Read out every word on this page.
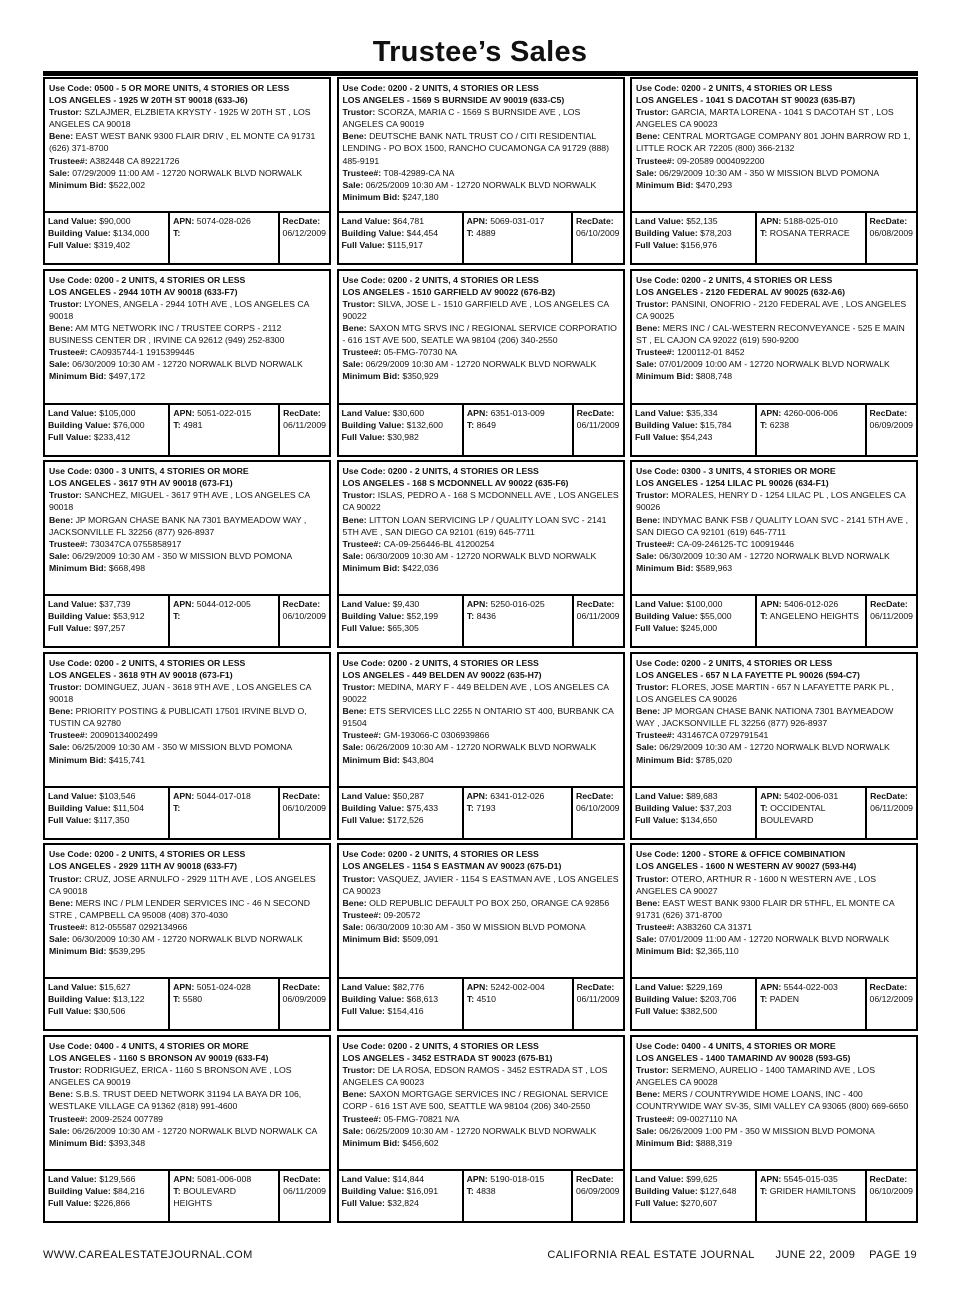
Trustee’s Sales
Use Code: 0500 - 5 OR MORE UNITS, 4 STORIES OR LESS
LOS ANGELES - 1925 W 20TH ST 90018 (633-J6)
Trustor: SZLAJMER, ELZBIETA KRYSTY - 1925 W 20TH ST , LOS ANGELES CA 90018
Bene: EAST WEST BANK 9300 FLAIR DRIV , EL MONTE CA 91731 (626) 371-8700
Trustee#: A382448 CA 89221726
Sale: 07/29/2009 11:00 AM - 12720 NORWALK BLVD NORWALK
Minimum Bid: $522,002
Land Value: $90,000
Building Value: $134,000
Full Value: $319,402
APN: 5074-028-026
T:
RecDate:
06/12/2009
Use Code: 0200 - 2 UNITS, 4 STORIES OR LESS
LOS ANGELES - 1569 S BURNSIDE AV 90019 (633-C5)
Trustor: SCORZA, MARIA C - 1569 S BURNSIDE AVE , LOS ANGELES CA 90019
Bene: DEUTSCHE BANK NATL TRUST CO / CITI RESIDENTIAL LENDING - PO BOX 1500, RANCHO CUCAMONGA CA 91729 (888) 485-9191
Trustee#: T08-42989-CA NA
Sale: 06/25/2009 10:30 AM - 12720 NORWALK BLVD NORWALK
Minimum Bid: $247,180
Land Value: $64,781
Building Value: $44,454
Full Value: $115,917
APN: 5069-031-017
T: 4889
RecDate:
06/10/2009
Use Code: 0200 - 2 UNITS, 4 STORIES OR LESS
LOS ANGELES - 1041 S DACOTAH ST 90023 (635-B7)
Trustor: GARCIA, MARTA LORENA - 1041 S DACOTAH ST , LOS ANGELES CA 90023
Bene: CENTRAL MORTGAGE COMPANY 801 JOHN BARROW RD 1, LITTLE ROCK AR 72205 (800) 366-2132
Trustee#: 09-20589 0004092200
Sale: 06/29/2009 10:30 AM - 350 W MISSION BLVD POMONA
Minimum Bid: $470,293
Land Value: $52,135
Building Value: $78,203
Full Value: $156,976
APN: 5188-025-010
T: ROSANA TERRACE
RecDate:
06/08/2009
Use Code: 0200 - 2 UNITS, 4 STORIES OR LESS
LOS ANGELES - 2944 10TH AV 90018 (633-F7)
Trustor: LYONES, ANGELA - 2944 10TH AVE , LOS ANGELES CA 90018
Bene: AM MTG NETWORK INC / TRUSTEE CORPS - 2112 BUSINESS CENTER DR , IRVINE CA 92612 (949) 252-8300
Trustee#: CA0935744-1 1915399445
Sale: 06/30/2009 10:30 AM - 12720 NORWALK BLVD NORWALK
Minimum Bid: $497,172
Land Value: $105,000
Building Value: $76,000
Full Value: $233,412
APN: 5051-022-015
T: 4981
RecDate:
06/11/2009
Use Code: 0200 - 2 UNITS, 4 STORIES OR LESS
LOS ANGELES - 1510 GARFIELD AV 90022 (676-B2)
Trustor: SILVA, JOSE L - 1510 GARFIELD AVE , LOS ANGELES CA 90022
Bene: SAXON MTG SRVS INC / REGIONAL SERVICE CORPORATIO - 616 1ST AVE 500, SEATLE WA 98104 (206) 340-2550
Trustee#: 05-FMG-70730 NA
Sale: 06/29/2009 10:30 AM - 12720 NORWALK BLVD NORWALK
Minimum Bid: $350,929
Land Value: $30,600
Building Value: $132,600
Full Value: $30,982
APN: 6351-013-009
T: 8649
RecDate:
06/11/2009
Use Code: 0200 - 2 UNITS, 4 STORIES OR LESS
LOS ANGELES - 2120 FEDERAL AV 90025 (632-A6)
Trustor: PANSINI, ONOFRIO - 2120 FEDERAL AVE , LOS ANGELES CA 90025
Bene: MERS INC / CAL-WESTERN RECONVEYANCE - 525 E MAIN ST , EL CAJON CA 92022 (619) 590-9200
Trustee#: 1200112-01 8452
Sale: 07/01/2009 10:00 AM - 12720 NORWALK BLVD NORWALK
Minimum Bid: $808,748
Land Value: $35,334
Building Value: $15,784
Full Value: $54,243
APN: 4260-006-006
T: 6238
RecDate:
06/09/2009
Use Code: 0300 - 3 UNITS, 4 STORIES OR MORE
LOS ANGELES - 3617 9TH AV 90018 (673-F1)
Trustor: SANCHEZ, MIGUEL - 3617 9TH AVE , LOS ANGELES CA 90018
Bene: JP MORGAN CHASE BANK NA 7301 BAYMEADOW WAY , JACKSONVILLE FL 32256 (877) 926-8937
Trustee#: 730347CA 0755858917
Sale: 06/29/2009 10:30 AM - 350 W MISSION BLVD POMONA
Minimum Bid: $668,498
Land Value: $37,739
Building Value: $53,912
Full Value: $97,257
APN: 5044-012-005
T:
RecDate:
06/10/2009
Use Code: 0200 - 2 UNITS, 4 STORIES OR LESS
LOS ANGELES - 168 S MCDONNELL AV 90022 (635-F6)
Trustor: ISLAS, PEDRO A - 168 S MCDONNELL AVE , LOS ANGELES CA 90022
Bene: LITTON LOAN SERVICING LP / QUALITY LOAN SVC - 2141 5TH AVE , SAN DIEGO CA 92101 (619) 645-7711
Trustee#: CA-09-256446-BL 41200254
Sale: 06/30/2009 10:30 AM - 12720 NORWALK BLVD NORWALK
Minimum Bid: $422,036
Land Value: $9,430
Building Value: $52,199
Full Value: $65,305
APN: 5250-016-025
T: 8436
RecDate:
06/11/2009
Use Code: 0300 - 3 UNITS, 4 STORIES OR MORE
LOS ANGELES - 1254 LILAC PL 90026 (634-F1)
Trustor: MORALES, HENRY D - 1254 LILAC PL , LOS ANGELES CA 90026
Bene: INDYMAC BANK FSB / QUALITY LOAN SVC - 2141 5TH AVE , SAN DIEGO CA 92101 (619) 645-7711
Trustee#: CA-09-246125-TC 100919446
Sale: 06/30/2009 10:30 AM - 12720 NORWALK BLVD NORWALK
Minimum Bid: $589,963
Land Value: $100,000
Building Value: $55,000
Full Value: $245,000
APN: 5406-012-026
T: ANGELENO HEIGHTS
RecDate:
06/11/2009
Use Code: 0200 - 2 UNITS, 4 STORIES OR LESS
LOS ANGELES - 3618 9TH AV 90018 (673-F1)
Trustor: DOMINGUEZ, JUAN - 3618 9TH AVE , LOS ANGELES CA 90018
Bene: PRIORITY POSTING & PUBLICATI 17501 IRVINE BLVD O, TUSTIN CA 92780
Trustee#: 20090134002499
Sale: 06/25/2009 10:30 AM - 350 W MISSION BLVD POMONA
Minimum Bid: $415,741
Land Value: $103,546
Building Value: $11,504
Full Value: $117,350
APN: 5044-017-018
T:
RecDate:
06/10/2009
Use Code: 0200 - 2 UNITS, 4 STORIES OR LESS
LOS ANGELES - 449 BELDEN AV 90022 (635-H7)
Trustor: MEDINA, MARY F - 449 BELDEN AVE , LOS ANGELES CA 90022
Bene: ETS SERVICES LLC 2255 N ONTARIO ST 400, BURBANK CA 91504
Trustee#: GM-193066-C 0306939866
Sale: 06/26/2009 10:30 AM - 12720 NORWALK BLVD NORWALK
Minimum Bid: $43,804
Land Value: $50,287
Building Value: $75,433
Full Value: $172,526
APN: 6341-012-026
T: 7193
RecDate:
06/10/2009
Use Code: 0200 - 2 UNITS, 4 STORIES OR LESS
LOS ANGELES - 657 N LA FAYETTE PL 90026 (594-C7)
Trustor: FLORES, JOSE MARTIN - 657 N LAFAYETTE PARK PL , LOS ANGELES CA 90026
Bene: JP MORGAN CHASE BANK NATIONA 7301 BAYMEADOW WAY , JACKSONVILLE FL 32256 (877) 926-8937
Trustee#: 431467CA 0729791541
Sale: 06/29/2009 10:30 AM - 12720 NORWALK BLVD NORWALK
Minimum Bid: $785,020
Land Value: $89,683
Building Value: $37,203
Full Value: $134,650
APN: 5402-006-031
T: OCCIDENTAL BOULEVARD
RecDate:
06/11/2009
Use Code: 0200 - 2 UNITS, 4 STORIES OR LESS
LOS ANGELES - 2929 11TH AV 90018 (633-F7)
Trustor: CRUZ, JOSE ARNULFO - 2929 11TH AVE , LOS ANGELES CA 90018
Bene: MERS INC / PLM LENDER SERVICES INC - 46 N SECOND STRE , CAMPBELL CA 95008 (408) 370-4030
Trustee#: 812-055587 0292134966
Sale: 06/30/2009 10:30 AM - 12720 NORWALK BLVD NORWALK
Minimum Bid: $539,295
Land Value: $15,627
Building Value: $13,122
Full Value: $30,506
APN: 5051-024-028
T: 5580
RecDate:
06/09/2009
Use Code: 0200 - 2 UNITS, 4 STORIES OR LESS
LOS ANGELES - 1154 S EASTMAN AV 90023 (675-D1)
Trustor: VASQUEZ, JAVIER - 1154 S EASTMAN AVE , LOS ANGELES CA 90023
Bene: OLD REPUBLIC DEFAULT PO BOX 250, ORANGE CA 92856
Trustee#: 09-20572
Sale: 06/30/2009 10:30 AM - 350 W MISSION BLVD POMONA
Minimum Bid: $509,091
Land Value: $82,776
Building Value: $68,613
Full Value: $154,416
APN: 5242-002-004
T: 4510
RecDate:
06/11/2009
Use Code: 1200 - STORE & OFFICE COMBINATION
LOS ANGELES - 1600 N WESTERN AV 90027 (593-H4)
Trustor: OTERO, ARTHUR R - 1600 N WESTERN AVE , LOS ANGELES CA 90027
Bene: EAST WEST BANK 9300 FLAIR DR 5THFL, EL MONTE CA 91731 (626) 371-8700
Trustee#: A383260 CA 31371
Sale: 07/01/2009 11:00 AM - 12720 NORWALK BLVD NORWALK
Minimum Bid: $2,365,110
Land Value: $229,169
Building Value: $203,706
Full Value: $382,500
APN: 5544-022-003
T: PADEN
RecDate:
06/12/2009
Use Code: 0400 - 4 UNITS, 4 STORIES OR MORE
LOS ANGELES - 1160 S BRONSON AV 90019 (633-F4)
Trustor: RODRIGUEZ, ERICA - 1160 S BRONSON AVE , LOS ANGELES CA 90019
Bene: S.B.S. TRUST DEED NETWORK 31194 LA BAYA DR 106, WESTLAKE VILLAGE CA 91362 (818) 991-4600
Trustee#: 2009-2524 007789
Sale: 06/26/2009 10:30 AM - 12720 NORWALK BLVD NORWALK CA
Minimum Bid: $393,348
Land Value: $129,566
Building Value: $84,216
Full Value: $226,866
APN: 5081-006-008
T: BOULEVARD HEIGHTS
RecDate:
06/11/2009
Use Code: 0200 - 2 UNITS, 4 STORIES OR LESS
LOS ANGELES - 3452 ESTRADA ST 90023 (675-B1)
Trustor: DE LA ROSA, EDSON RAMOS - 3452 ESTRADA ST , LOS ANGELES CA 90023
Bene: SAXON MORTGAGE SERVICES INC / REGIONAL SERVICE CORP - 616 1ST AVE 500, SEATTLE WA 98104 (206) 340-2550
Trustee#: 05-FMG-70821 N/A
Sale: 06/25/2009 10:30 AM - 12720 NORWALK BLVD NORWALK
Minimum Bid: $456,602
Land Value: $14,844
Building Value: $16,091
Full Value: $32,824
APN: 5190-018-015
T: 4838
RecDate:
06/09/2009
Use Code: 0400 - 4 UNITS, 4 STORIES OR MORE
LOS ANGELES - 1400 TAMARIND AV 90028 (593-G5)
Trustor: SERMENO, AURELIO - 1400 TAMARIND AVE , LOS ANGELES CA 90028
Bene: MERS / COUNTRYWIDE HOME LOANS, INC - 400 COUNTRYWIDE WAY SV-35, SIMI VALLEY CA 93065 (800) 669-6650
Trustee#: 09-0027110 NA
Sale: 06/26/2009 1:00 PM - 350 W MISSION BLVD POMONA
Minimum Bid: $888,319
Land Value: $99,625
Building Value: $127,648
Full Value: $270,607
APN: 5545-015-035
T: GRIDER HAMILTONS
RecDate:
06/10/2009
WWW.CAREALESTATEJOURNAL.COM	CALIFORNIA REAL ESTATE JOURNAL JUNE 22, 2009 PAGE 19
